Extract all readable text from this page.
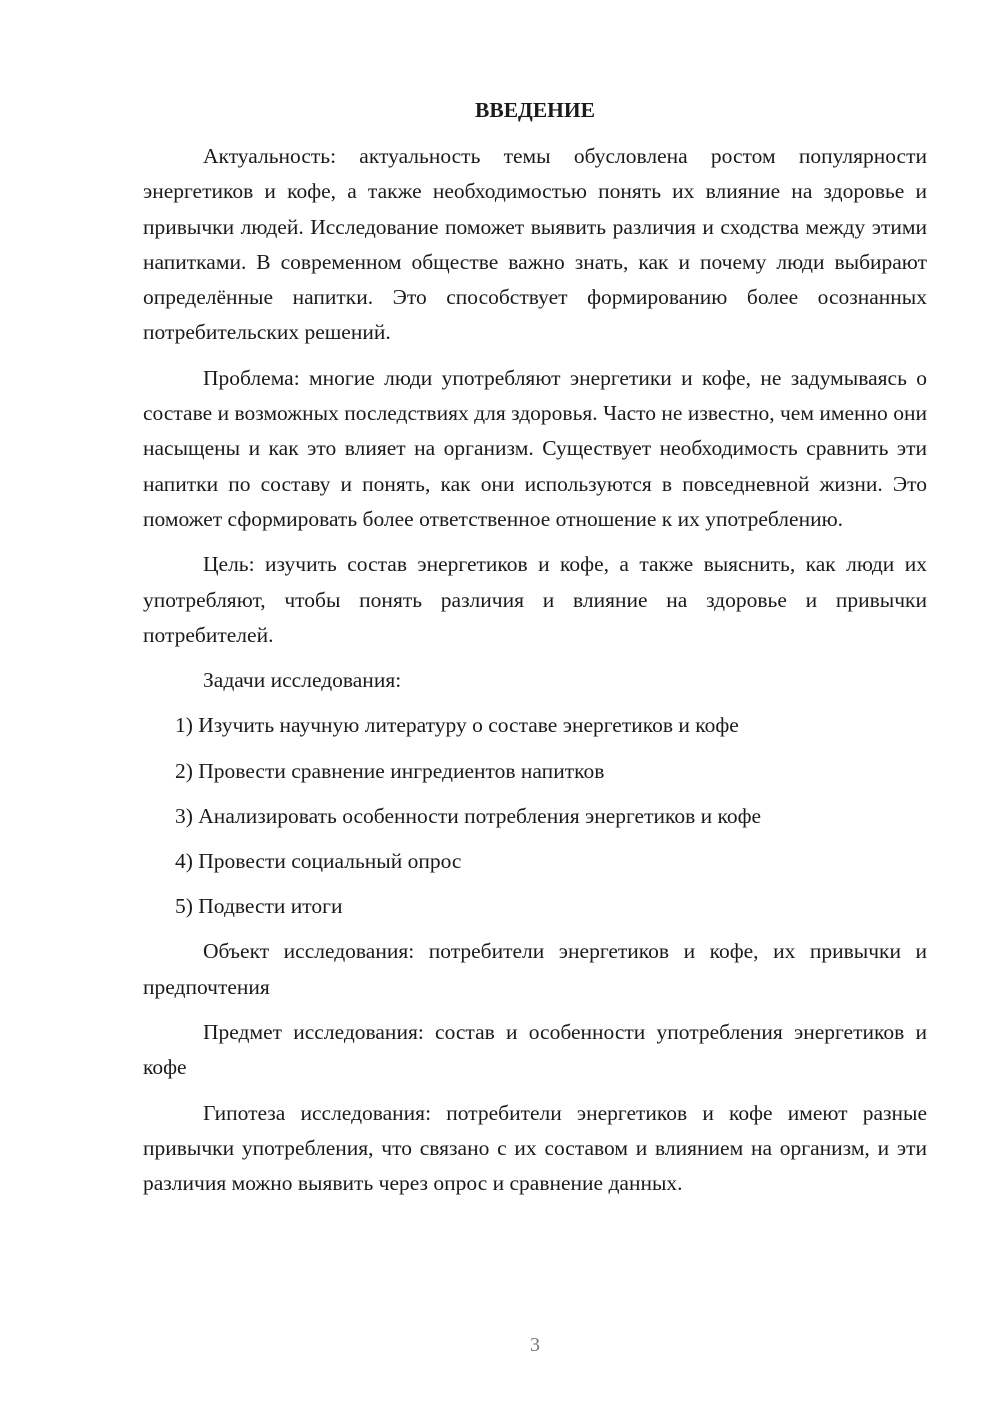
ВВЕДЕНИЕ

Актуальность: актуальность темы обусловлена ростом популярности энергетиков и кофе, а также необходимостью понять их влияние на здоровье и привычки людей. Исследование поможет выявить различия и сходства между этими напитками. В современном обществе важно знать, как и почему люди выбирают определённые напитки. Это способствует формированию более осознанных потребительских решений.

Проблема: многие люди употребляют энергетики и кофе, не задумываясь о составе и возможных последствиях для здоровья. Часто не известно, чем именно они насыщены и как это влияет на организм. Существует необходимость сравнить эти напитки по составу и понять, как они используются в повседневной жизни. Это поможет сформировать более ответственное отношение к их употреблению.

Цель: изучить состав энергетиков и кофе, а также выяснить, как люди их употребляют, чтобы понять различия и влияние на здоровье и привычки потребителей.

Задачи исследования:

1) Изучить научную литературу о составе энергетиков и кофе
2) Провести сравнение ингредиентов напитков
3) Анализировать особенности потребления энергетиков и кофе
4) Провести социальный опрос
5) Подвести итоги

Объект исследования: потребители энергетиков и кофе, их привычки и предпочтения

Предмет исследования: состав и особенности употребления энергетиков и кофе

Гипотеза исследования: потребители энергетиков и кофе имеют разные привычки употребления, что связано с их составом и влиянием на организм, и эти различия можно выявить через опрос и сравнение данных.

3
